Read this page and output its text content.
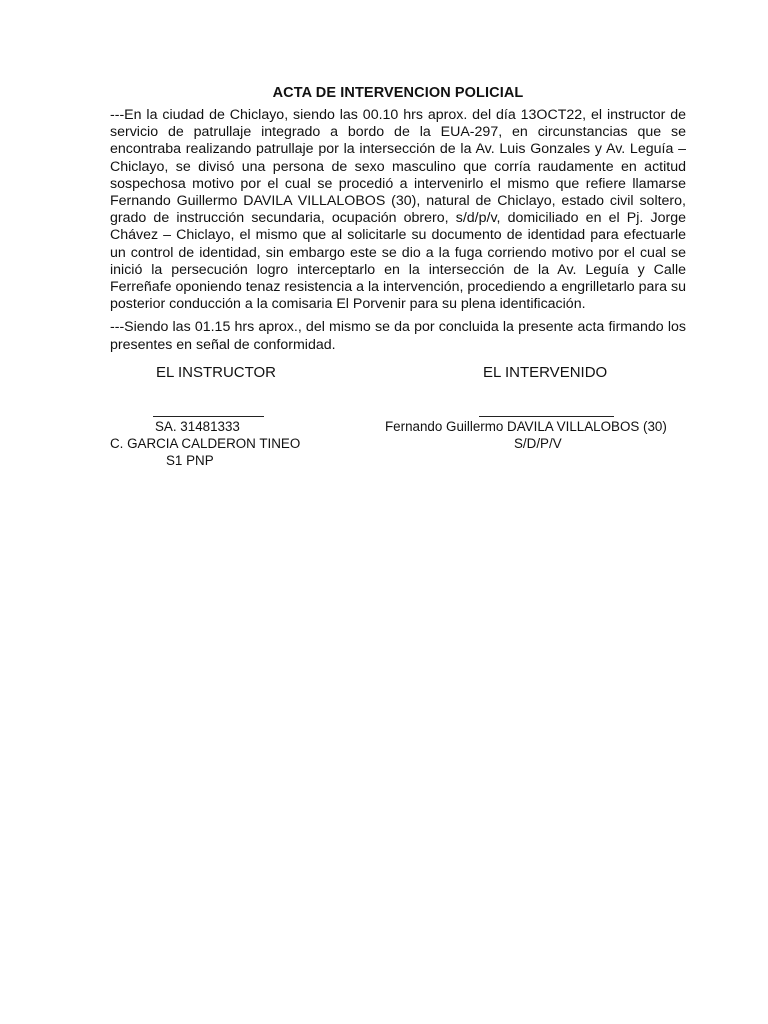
ACTA DE INTERVENCION POLICIAL

---En la ciudad de Chiclayo, siendo las 00.10 hrs aprox. del día 13OCT22, el instructor de servicio de patrullaje integrado a bordo de la EUA-297, en circunstancias que se encontraba realizando patrullaje por la intersección de la Av. Luis Gonzales y Av. Leguía – Chiclayo, se divisó una persona de sexo masculino que corría raudamente en actitud sospechosa motivo por el cual se procedió a intervenirlo el mismo que refiere llamarse Fernando Guillermo DAVILA VILLALOBOS (30), natural de Chiclayo, estado civil soltero, grado de instrucción secundaria, ocupación obrero, s/d/p/v, domiciliado en el Pj. Jorge Chávez – Chiclayo, el mismo que al solicitarle su documento de identidad para efectuarle un control de identidad, sin embargo este se dio a la fuga corriendo motivo por el cual se inició la persecución logro interceptarlo en la intersección de la Av. Leguía y Calle Ferreñafe oponiendo tenaz resistencia a la intervención, procediendo a engrilletarlo para su posterior conducción a la comisaria El Porvenir para su plena identificación.

---Siendo las 01.15 hrs aprox., del mismo se da por concluida la presente acta firmando los presentes en señal de conformidad.

EL INSTRUCTOR	EL INTERVENIDO
SA. 31481333
C. GARCIA CALDERON TINEO
S1 PNP
Fernando Guillermo DAVILA VILLALOBOS (30)
S/D/P/V
